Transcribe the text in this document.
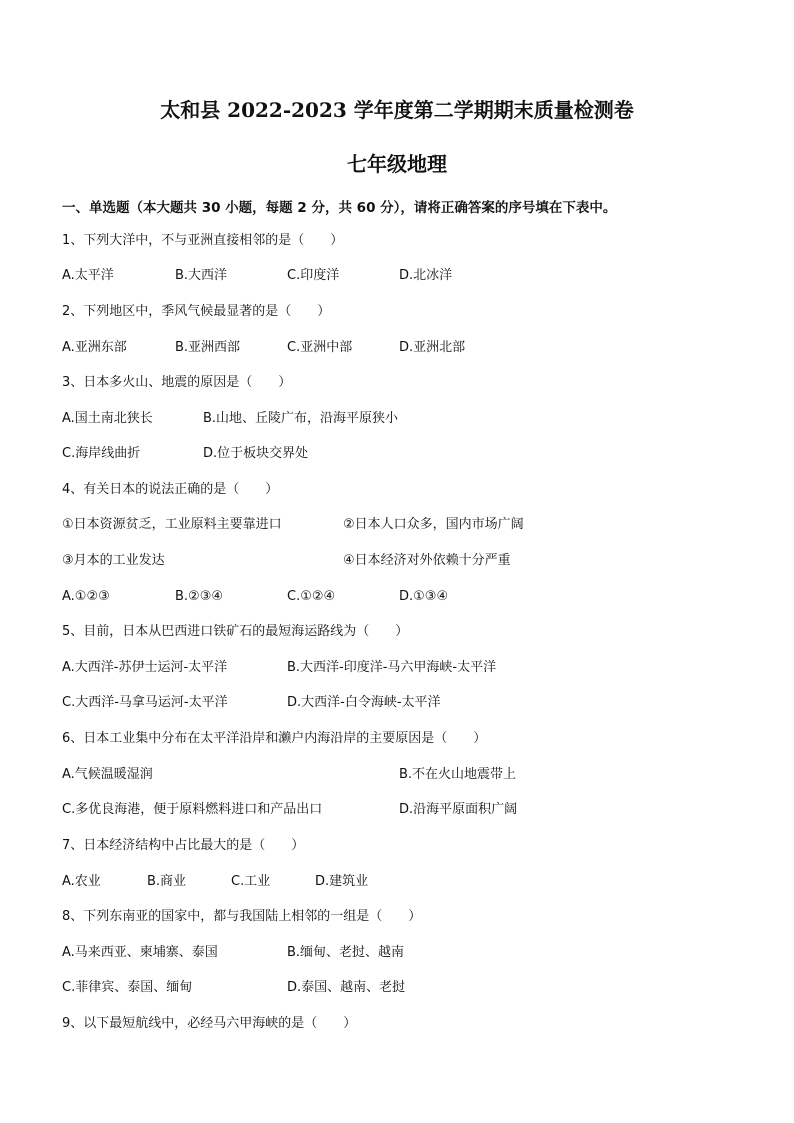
太和县 2022-2023 学年度第二学期期末质量检测卷
七年级地理
一、单选题（本大题共 30 小题，每题 2 分，共 60 分），请将正确答案的序号填在下表中。
1、下列大洋中，不与亚洲直接相邻的是（　　）
A.太平洋	B.大西洋	C.印度洋	D.北冰洋
2、下列地区中，季风气候最显著的是（　　）
A.亚洲东部	B.亚洲西部	C.亚洲中部	D.亚洲北部
3、日本多火山、地震的原因是（　　）
A.国土南北狭长	B.山地、丘陵广布，沿海平原狭小
C.海岸线曲折	D.位于板块交界处
4、有关日本的说法正确的是（　　）
①日本资源贫乏，工业原料主要靠进口	②日本人口众多，国内市场广阔
③月本的工业发达	④日本经济对外依赖十分严重
A.①②③	B.②③④	C.①②④	D.①③④
5、目前，日本从巴西进口铁矿石的最短海运路线为（　　）
A.大西洋-苏伊士运河-太平洋	B.大西洋-印度洋-马六甲海峡-太平洋
C.大西洋-马拿马运河-太平洋	D.大西洋-白令海峡-太平洋
6、日本工业集中分布在太平洋沿岸和濑户内海沿岸的主要原因是（　　）
A.气候温暖湿润	B.不在火山地震带上
C.多优良海港，便于原料燃料进口和产品出口	D.沿海平原面积广阔
7、日本经济结构中占比最大的是（　　）
A.农业	B.商业	C.工业	D.建筑业
8、下列东南亚的国家中，都与我国陆上相邻的一组是（　　）
A.马来西亚、柬埔寨、泰国	B.缅甸、老挝、越南
C.菲律宾、泰国、缅甸	D.泰国、越南、老挝
9、以下最短航线中，必经马六甲海峡的是（　　）
